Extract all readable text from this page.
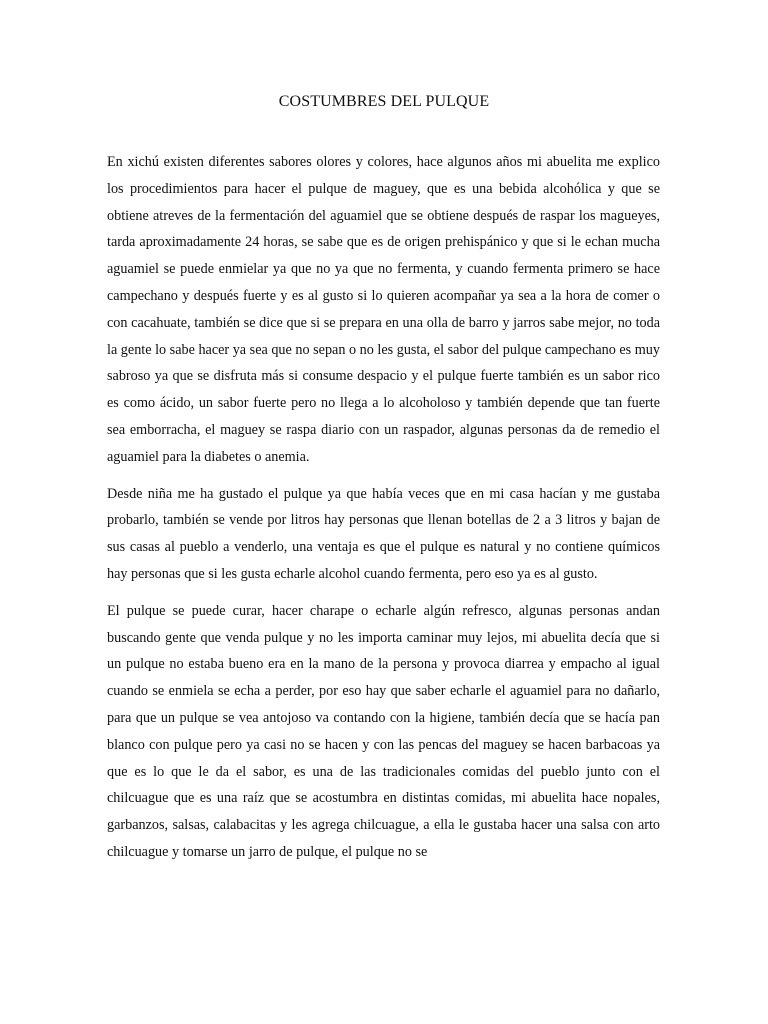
COSTUMBRES DEL PULQUE

En xichú existen diferentes sabores olores y colores, hace algunos años mi abuelita me explico los procedimientos para hacer el pulque de maguey, que es una bebida alcohólica y que se obtiene atreves de la fermentación del aguamiel que se obtiene después de raspar los magueyes, tarda aproximadamente 24 horas, se sabe que es de origen prehispánico y que si le echan mucha aguamiel se puede enmielar ya que no ya que no fermenta, y cuando fermenta primero se hace campechano y después fuerte y es al gusto si lo quieren acompañar ya sea a la hora de comer o con cacahuate, también se dice que si se prepara en una olla de barro y jarros sabe mejor, no toda la gente lo sabe hacer ya sea que no sepan o no les gusta, el sabor del pulque campechano es muy sabroso ya que se disfruta más si consume despacio y el pulque fuerte también es un sabor rico es como ácido, un sabor fuerte pero no llega a lo alcoholoso y también depende que tan fuerte sea emborracha, el maguey se raspa diario con un raspador, algunas personas da de remedio el aguamiel para la diabetes o anemia.

Desde niña me ha gustado el pulque ya que había veces que en mi casa hacían y me gustaba probarlo, también se vende por litros hay personas que llenan botellas de 2 a 3 litros y bajan de sus casas al pueblo a venderlo, una ventaja es que el pulque es natural y no contiene químicos hay personas que si les gusta echarle alcohol cuando fermenta, pero eso ya es al gusto.

El pulque se puede curar, hacer charape o echarle algún refresco, algunas personas andan buscando gente que venda pulque y no les importa caminar muy lejos, mi abuelita decía que si un pulque no estaba bueno era en la mano de la persona y provoca diarrea y empacho al igual cuando se enmiela se echa a perder, por eso hay que saber echarle el aguamiel para no dañarlo, para que un pulque se vea antojoso va contando con la higiene, también decía que se hacía pan blanco con pulque pero ya casi no se hacen y con las pencas del maguey se hacen barbacoas ya que es lo que le da el sabor, es una de las tradicionales comidas del pueblo junto con el chilcuague que es una raíz que se acostumbra en distintas comidas, mi abuelita hace nopales, garbanzos, salsas, calabacitas y les agrega chilcuague, a ella le gustaba hacer una salsa con arto chilcuague y tomarse un jarro de pulque, el pulque no se
